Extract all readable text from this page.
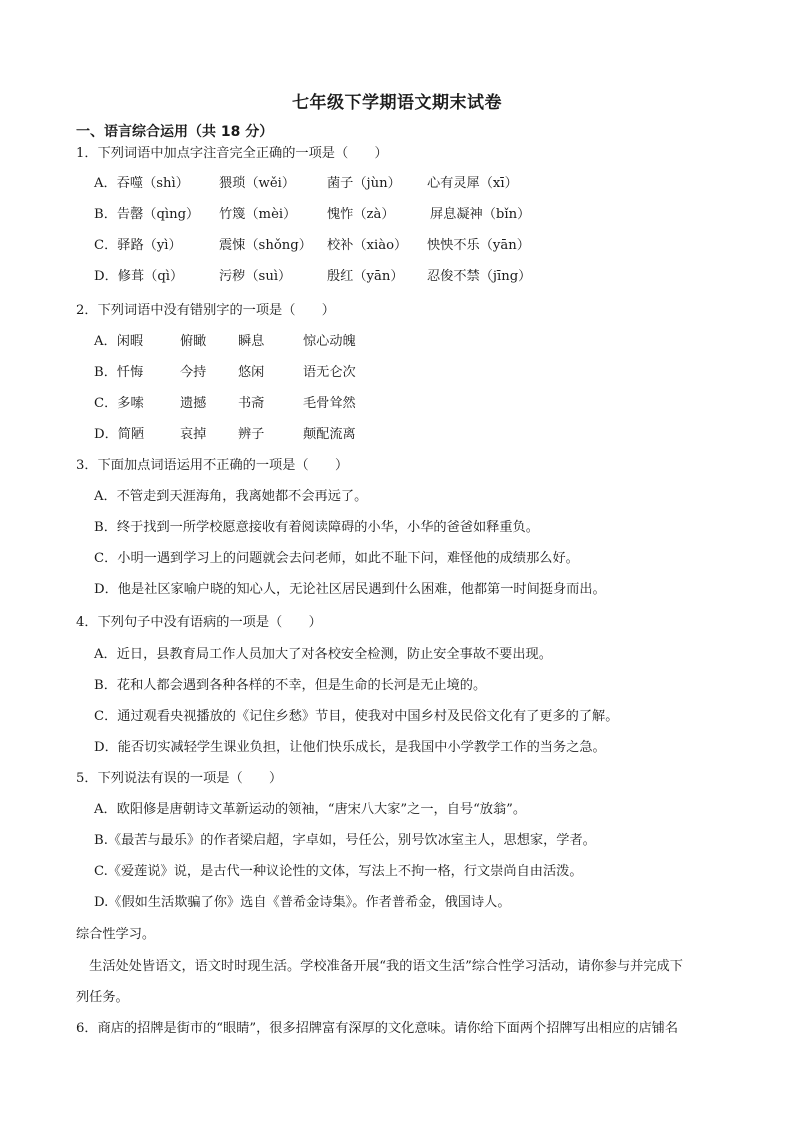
七年级下学期语文期末试卷
一、语言综合运用（共 18 分）
1．下列词语中加点字注音完全正确的一项是（　　）
A．吞噬（shì） 猥琐（wěi） 菌子（jùn） 心有灵犀（xī）
B．告罄（qìng） 竹篾（mèi） 愧怍（zà）	屏息凝神（bǐn）
C．驿路（yì）	震悚（shǒng） 校补（xiào） 怏怏不乐（yān）
D．修葺（qì）	污秽（suì）	殷红（yān） 忍俊不禁（jīng）
2．下列词语中没有错别字的一项是（　　）
A．闲暇	俯瞰 瞬息	惊心动魄
B．忏悔	今持 悠闲	语无仑次
C．多嗦	遗撼 书斋	毛骨耸然
D．简陋	哀掉 辨子	颠配流离
3．下面加点词语运用不正确的一项是（　　）
A．不管走到天涯海角，我离她都不会再远了。
B．终于找到一所学校愿意接收有着阅读障碍的小华，小华的爸爸如释重负。
C．小明一遇到学习上的问题就会去问老师，如此不耻下问，难怪他的成绩那么好。
D．他是社区家喻户晓的知心人，无论社区居民遇到什么困难，他都第一时间挺身而出。
4．下列句子中没有语病的一项是（　　）
A．近日，县教育局工作人员加大了对各校安全检测，防止安全事故不要出现。
B．花和人都会遇到各种各样的不幸，但是生命的长河是无止境的。
C．通过观看央视播放的《记住乡愁》节目，使我对中国乡村及民俗文化有了更多的了解。
D．能否切实减轻学生课业负担，让他们快乐成长，是我国中小学教学工作的当务之急。
5．下列说法有误的一项是（　　）
A．欧阳修是唐朝诗文革新运动的领袖，“唐宋八大家”之一，自号“放翁”。
B.《最苦与最乐》的作者梁启超，字卓如，号任公，别号饮冰室主人，思想家，学者。
C.《爱莲说》说，是古代一种议论性的文体，写法上不拘一格，行文崇尚自由活泼。
D.《假如生活欺骗了你》选自《普希金诗集》。作者普希金，俄国诗人。
综合性学习。
　生活处处皆语文，语文时时现生活。学校准备开展“我的语文生活”综合性学习活动，请你参与并完成下
列任务。
6．商店的招牌是街市的“眼睛”，很多招牌富有深厚的文化意味。请你给下面两个招牌写出相应的店铺名
